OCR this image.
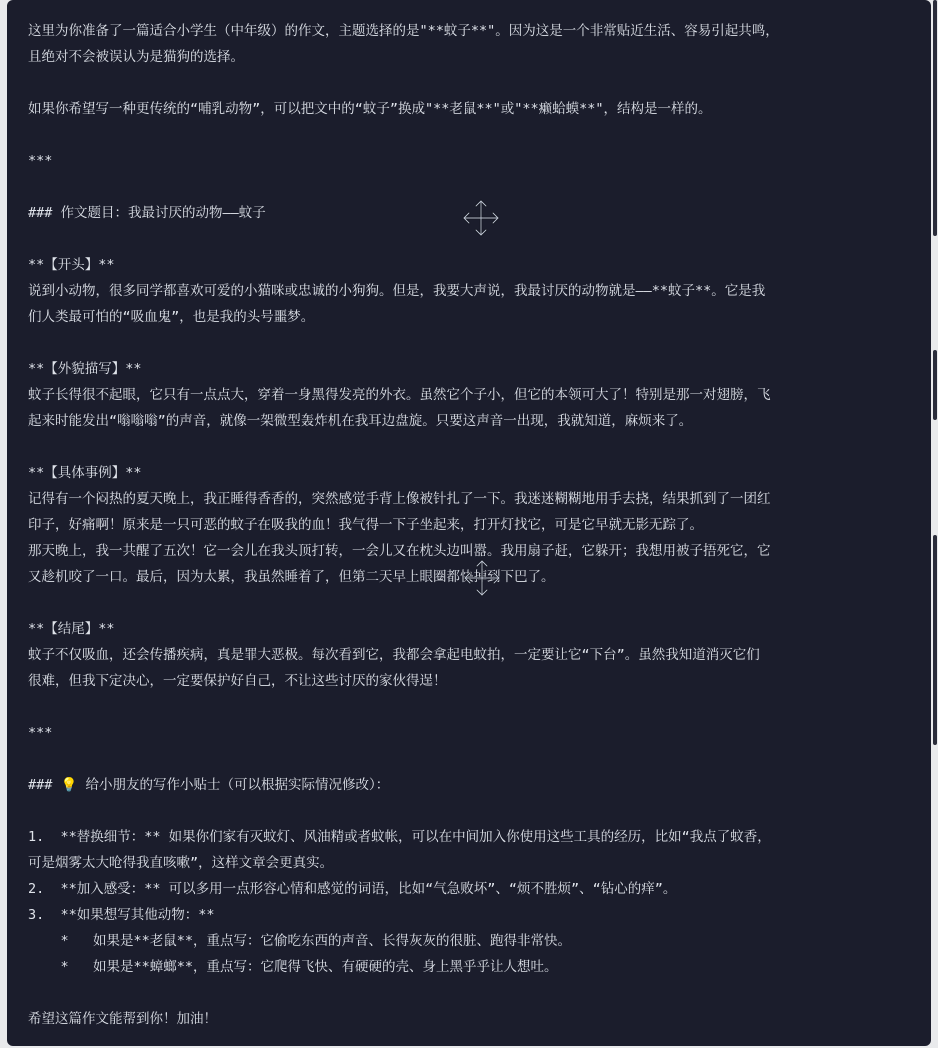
这里为你准备了一篇适合小学生（中年级）的作文，主题选择的是"**蚊子**"。因为这是一个非常贴近生活、容易引起共鸣，

且绝对不会被误认为是猫狗的选择。

如果你希望写一种更传统的“哺乳动物”，可以把文中的“蚊子”换成"**老鼠**"或"**癞蛤蟆**"，结构是一样的。

***

### 作文题目：我最讨厌的动物——蚊子

**【开头】**

说到小动物，很多同学都喜欢可爱的小猫咪或忠诚的小狗狗。但是，我要大声说，我最讨厌的动物就是——**蚊子**。它是我

们人类最可怕的“吸血鬼”，也是我的头号噩梦。

**【外貌描写】**

蚊子长得很不起眼，它只有一点点大，穿着一身黑得发亮的外衣。虽然它个子小，但它的本领可大了！特别是那一对翅膀，飞

起来时能发出“嗡嗡嗡”的声音，就像一架微型轰炸机在我耳边盘旋。只要这声音一出现，我就知道，麻烦来了。

**【具体事例】**

记得有一个闷热的夏天晚上，我正睡得香香的，突然感觉手背上像被针扎了一下。我迷迷糊糊地用手去挠，结果抓到了一团红

印子，好痛啊！原来是一只可恶的蚊子在吸我的血！我气得一下子坐起来，打开灯找它，可是它早就无影无踪了。

那天晚上，我一共醒了五次！它一会儿在我头顶打转，一会儿又在枕头边叫嚣。我用扇子赶，它躲开；我想用被子捂死它，它

又趁机咬了一口。最后，因为太累，我虽然睡着了，但第二天早上眼圈都快掉到下巴了。

**【结尾】**

蚊子不仅吸血，还会传播疾病，真是罪大恶极。每次看到它，我都会拿起电蚊拍，一定要让它“下台”。虽然我知道消灭它们

很难，但我下定决心，一定要保护好自己，不让这些讨厌的家伙得逞！

***

### 💡 给小朋友的写作小贴士（可以根据实际情况修改）：

1.  **替换细节：** 如果你们家有灭蚊灯、风油精或者蚊帐，可以在中间加入你使用这些工具的经历，比如“我点了蚊香，

可是烟雾太大呛得我直咳嗽”，这样文章会更真实。

2.  **加入感受：** 可以多用一点形容心情和感觉的词语，比如“气急败坏”、“烦不胜烦”、“钻心的痒”。

3.  **如果想写其他动物：**

*   如果是**老鼠**，重点写：它偷吃东西的声音、长得灰灰的很脏、跑得非常快。

*   如果是**蟑螂**，重点写：它爬得飞快、有硬硬的壳、身上黑乎乎让人想吐。

希望这篇作文能帮到你！加油！
